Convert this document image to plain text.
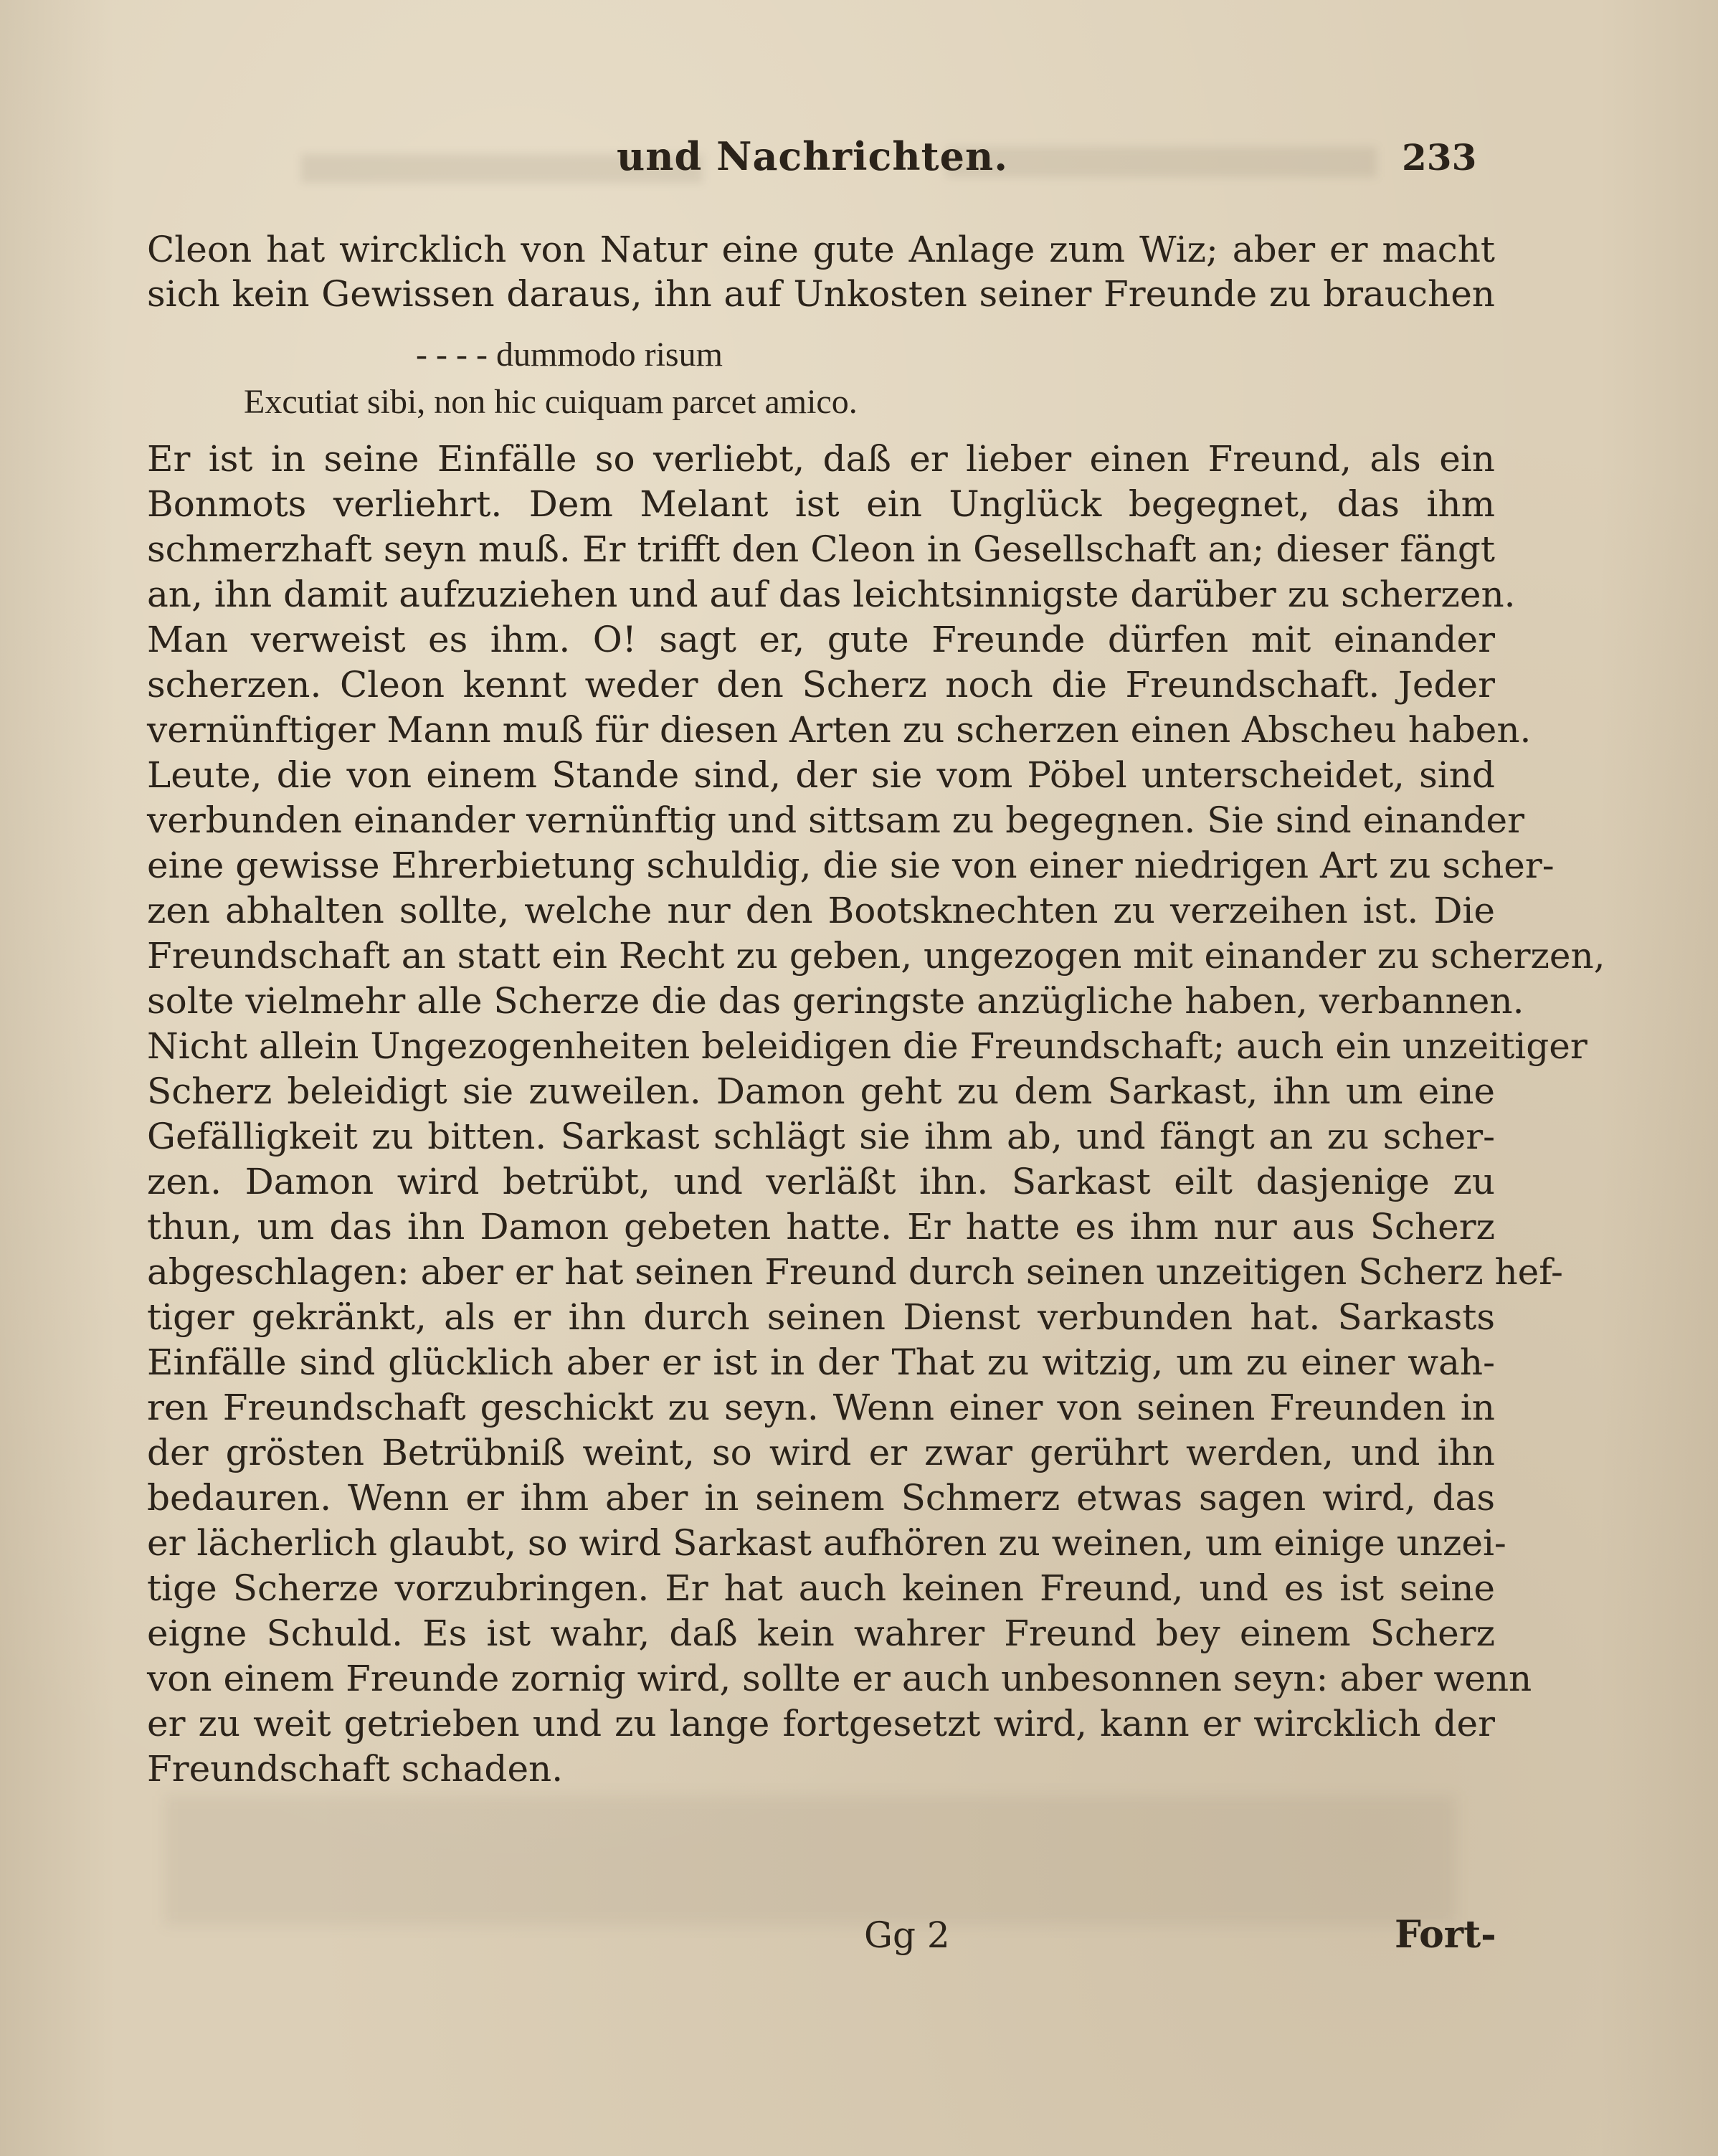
und Nachrichten.	233
Cleon hat wircklich von Natur eine gute Anlage zum Wiz; aber er macht
sich kein Gewissen daraus, ihn auf Unkosten seiner Freunde zu brauchen
- - - - dummodo risum
Excutiat sibi, non hic cuiquam parcet amico.
Er ist in seine Einfälle so verliebt, daß er lieber einen Freund, als ein
Bonmots verliehrt. Dem Melant ist ein Unglück begegnet, das ihm
schmerzhaft seyn muß. Er trifft den Cleon in Gesellschaft an; dieser fängt
an, ihn damit aufzuziehen und auf das leichtsinnigste darüber zu scherzen.
Man verweist es ihm. O! sagt er, gute Freunde dürfen mit einander
scherzen. Cleon kennt weder den Scherz noch die Freundschaft. Jeder
vernünftiger Mann muß für diesen Arten zu scherzen einen Abscheu haben.
Leute, die von einem Stande sind, der sie vom Pöbel unterscheidet, sind
verbunden einander vernünftig und sittsam zu begegnen. Sie sind einander
eine gewisse Ehrerbietung schuldig, die sie von einer niedrigen Art zu scher-
zen abhalten sollte, welche nur den Bootsknechten zu verzeihen ist. Die
Freundschaft an statt ein Recht zu geben, ungezogen mit einander zu scherzen,
solte vielmehr alle Scherze die das geringste anzügliche haben, verbannen.
Nicht allein Ungezogenheiten beleidigen die Freundschaft; auch ein unzeitiger
Scherz beleidigt sie zuweilen. Damon geht zu dem Sarkast, ihn um eine
Gefälligkeit zu bitten. Sarkast schlägt sie ihm ab, und fängt an zu scher-
zen. Damon wird betrübt, und verläßt ihn. Sarkast eilt dasjenige zu
thun, um das ihn Damon gebeten hatte. Er hatte es ihm nur aus Scherz
abgeschlagen: aber er hat seinen Freund durch seinen unzeitigen Scherz hef-
tiger gekränkt, als er ihn durch seinen Dienst verbunden hat. Sarkasts
Einfälle sind glücklich aber er ist in der That zu witzig, um zu einer wah-
ren Freundschaft geschickt zu seyn. Wenn einer von seinen Freunden in
der grösten Betrübniß weint, so wird er zwar gerührt werden, und ihn
bedauren. Wenn er ihm aber in seinem Schmerz etwas sagen wird, das
er lächerlich glaubt, so wird Sarkast aufhören zu weinen, um einige unzei-
tige Scherze vorzubringen. Er hat auch keinen Freund, und es ist seine
eigne Schuld. Es ist wahr, daß kein wahrer Freund bey einem Scherz
von einem Freunde zornig wird, sollte er auch unbesonnen seyn: aber wenn
er zu weit getrieben und zu lange fortgesetzt wird, kann er wircklich der
Freundschaft schaden.
Gg 2	Fort-
